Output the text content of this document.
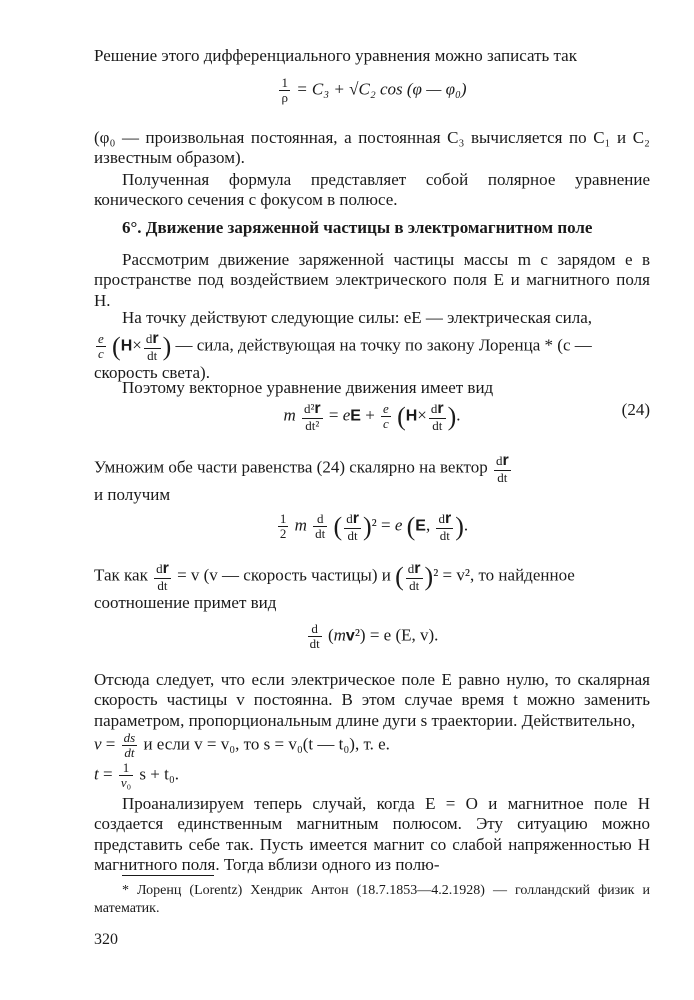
Решение этого дифференциального уравнения можно записать так

$\frac{1}{\rho} = C_3 + √C_2$ cos (φ — φ₀)

(φ₀ — произвольная постоянная, а постоянная C₃ вычисляется по C₁ и C₂ известным образом).

Полученная формула представляет собой полярное уравнение конического сечения с фокусом в полюсе.

6°. Движение заряженной частицы в электромагнитном поле

Рассмотрим движение заряженной частицы массы m с зарядом e в пространстве под воздействием электрического поля E и магнитного поля H.

На точку действуют следующие силы: eE — электрическая сила,

$\frac{e}{c} (H\times \frac{dr}{dt}$ ) — сила, действующая на точку по закону Лоренца * (c — скорость света).

Поэтому векторное уравнение движения имеет вид

m $\frac{\text{d²r}}{\text{dt²}}$ = eE + $\frac{e}{c} (H\times \frac{dr}{dt}$ ).	(24)
Умножим обе части равенства (24) скалярно на вектор $\frac{dr}{dt}$

и получим
$\frac{1}{2}$ m $\frac{d}{dt}$ ( $\frac{dr}{dt} )^2 = e$ (E, $\frac{dr}{dt}$ ).
Так как $\frac{dr}{dt} = v$ (v — скорость частицы) и ( $\frac{dr}{dt} )^2 = v^2$, то найденное соотношение примет вид
$\frac{d}{dt} (mv^2) = e$ (E, v).

Отсюда следует, что если электрическое поле E равно нулю, то скалярная скорость частицы v постоянна. В этом случае время t можно заменить параметром, пропорциональным длине дуги s траектории. Действительно,

$v = \frac{ds}{dt}$ и если v = v₀, то s = v₀(t — t₀), т. е.
$t = \frac{1}{\text{v₀}}$ s + t₀.

Проанализируем теперь случай, когда E = O и магнитное поле H создается единственным магнитным полюсом. Эту ситуацию можно представить себе так. Пусть имеется магнит со слабой напряженностью H магнитного поля. Тогда вблизи одного из полю-

* Лоренц (Lorentz) Хендрик Антон (18.7.1853—4.2.1928) — голландский физик и математик.
320
